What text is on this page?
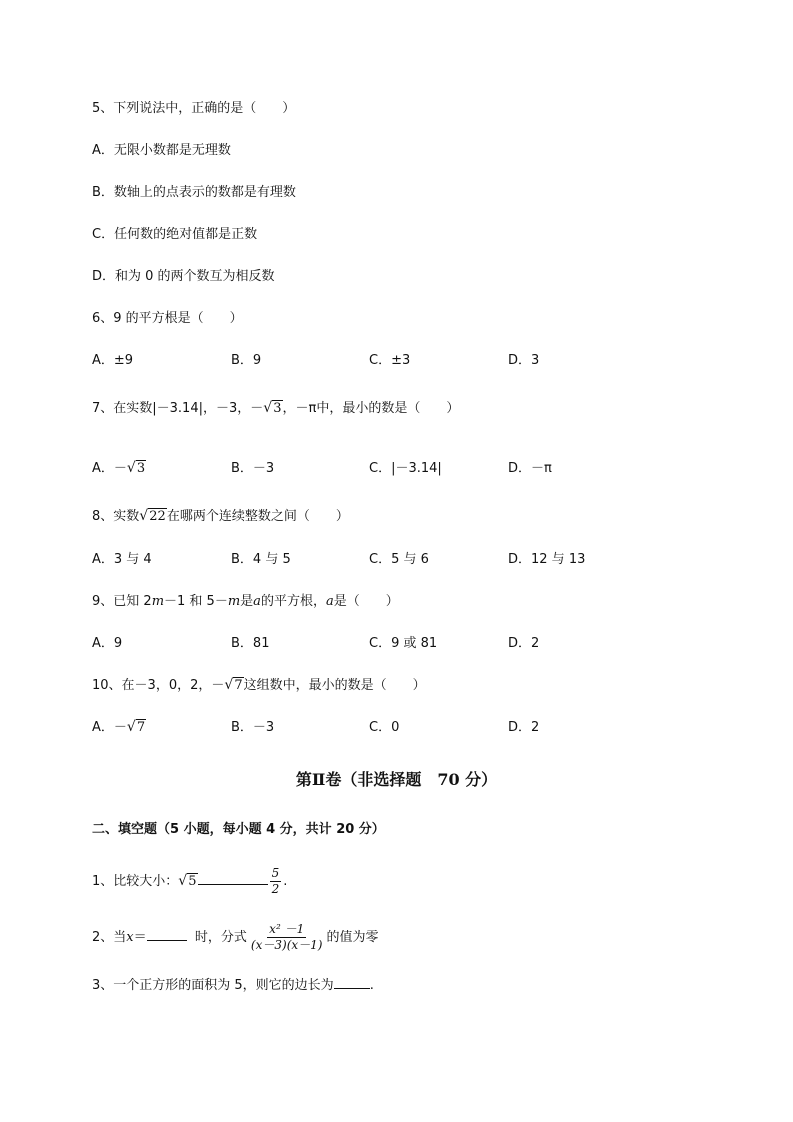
5、下列说法中，正确的是（　　）
A．无限小数都是无理数
B．数轴上的点表示的数都是有理数
C．任何数的绝对值都是正数
D．和为 0 的两个数互为相反数
6、9 的平方根是（　　）
A．±9	B．9	C．±3	D．3
7、在实数|－3.14|，－3，－ √ 3，－π中，最小的数是（　　）
A．－ √ 3	B．－3	C．|－3.14|	D．－π
8、实数 √ 22在哪两个连续整数之间（　　）
A．3 与 4	B．4 与 5	C．5 与 6	D．12 与 13
9、已知 2m－1 和 5－m是a的平方根，a是（　　）
A．9	B．81	C．9 或 81	D．2
10、在－3，0，2，－ √ 7这组数中，最小的数是（　　）
A．－ √ 7	B．－3	C．0	D．2
第Ⅱ卷（非选择题　70 分）
二、填空题（5 小题，每小题 4 分，共计 20 分）
1、比较大小： √ 5	$\frac{5}{2}$ .
2、当x＝	时，分式 $\frac{\text{x² －1}}{(x-3)(x-1)}$ 的值为零
3、一个正方形的面积为 5，则它的边长为	.
